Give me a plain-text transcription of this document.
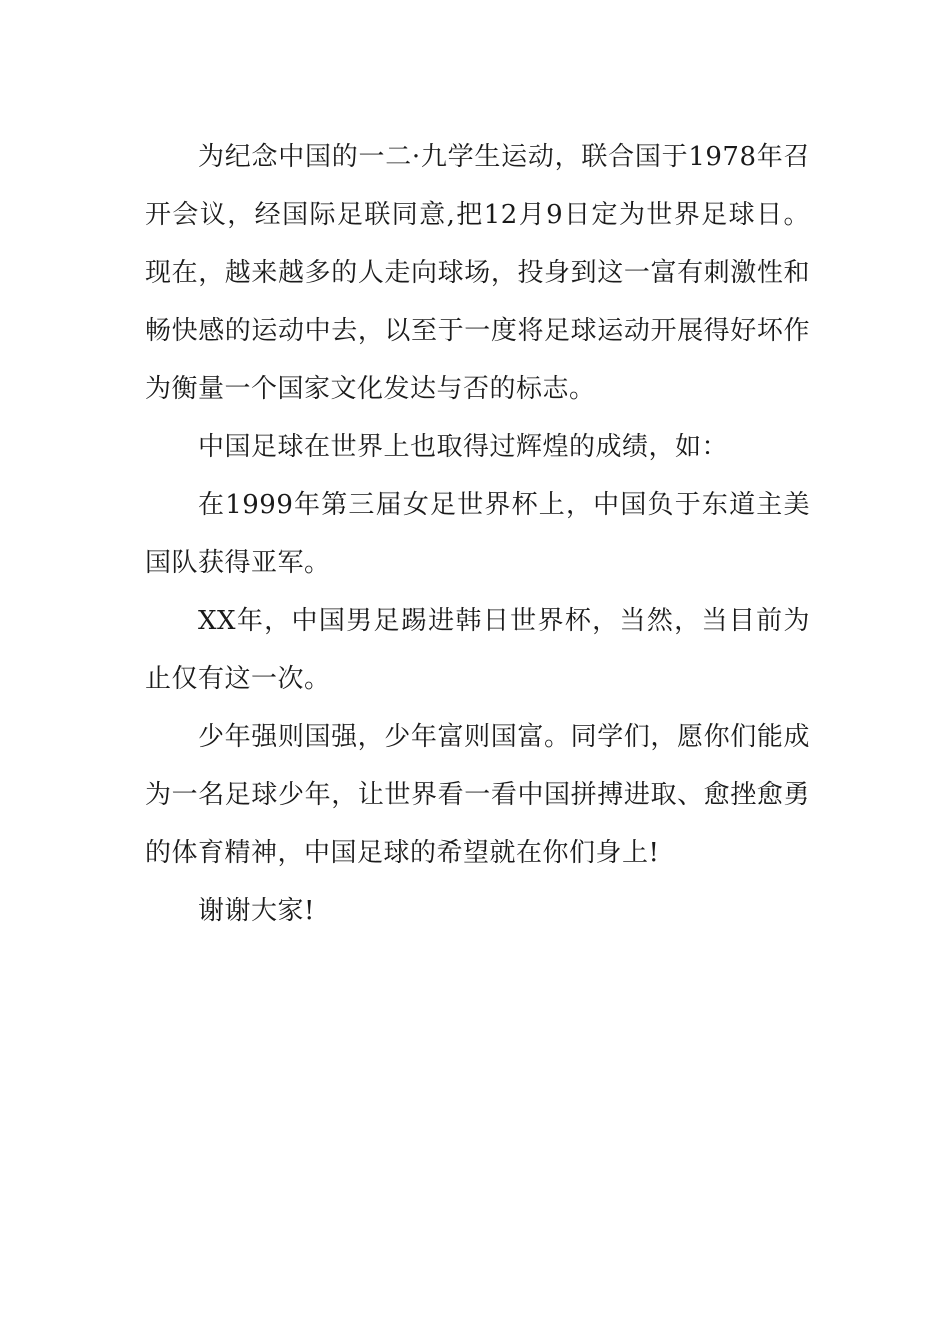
为纪念中国的一二·九学生运动，联合国于1978年召开会议，经国际足联同意,把12月9日定为世界足球日。现在，越来越多的人走向球场，投身到这一富有刺激性和畅快感的运动中去，以至于一度将足球运动开展得好坏作为衡量一个国家文化发达与否的标志。

中国足球在世界上也取得过辉煌的成绩，如：

在1999年第三届女足世界杯上，中国负于东道主美国队获得亚军。

XX年，中国男足踢进韩日世界杯，当然，当目前为止仅有这一次。

少年强则国强，少年富则国富。同学们，愿你们能成为一名足球少年，让世界看一看中国拼搏进取、愈挫愈勇的体育精神，中国足球的希望就在你们身上!

谢谢大家!
